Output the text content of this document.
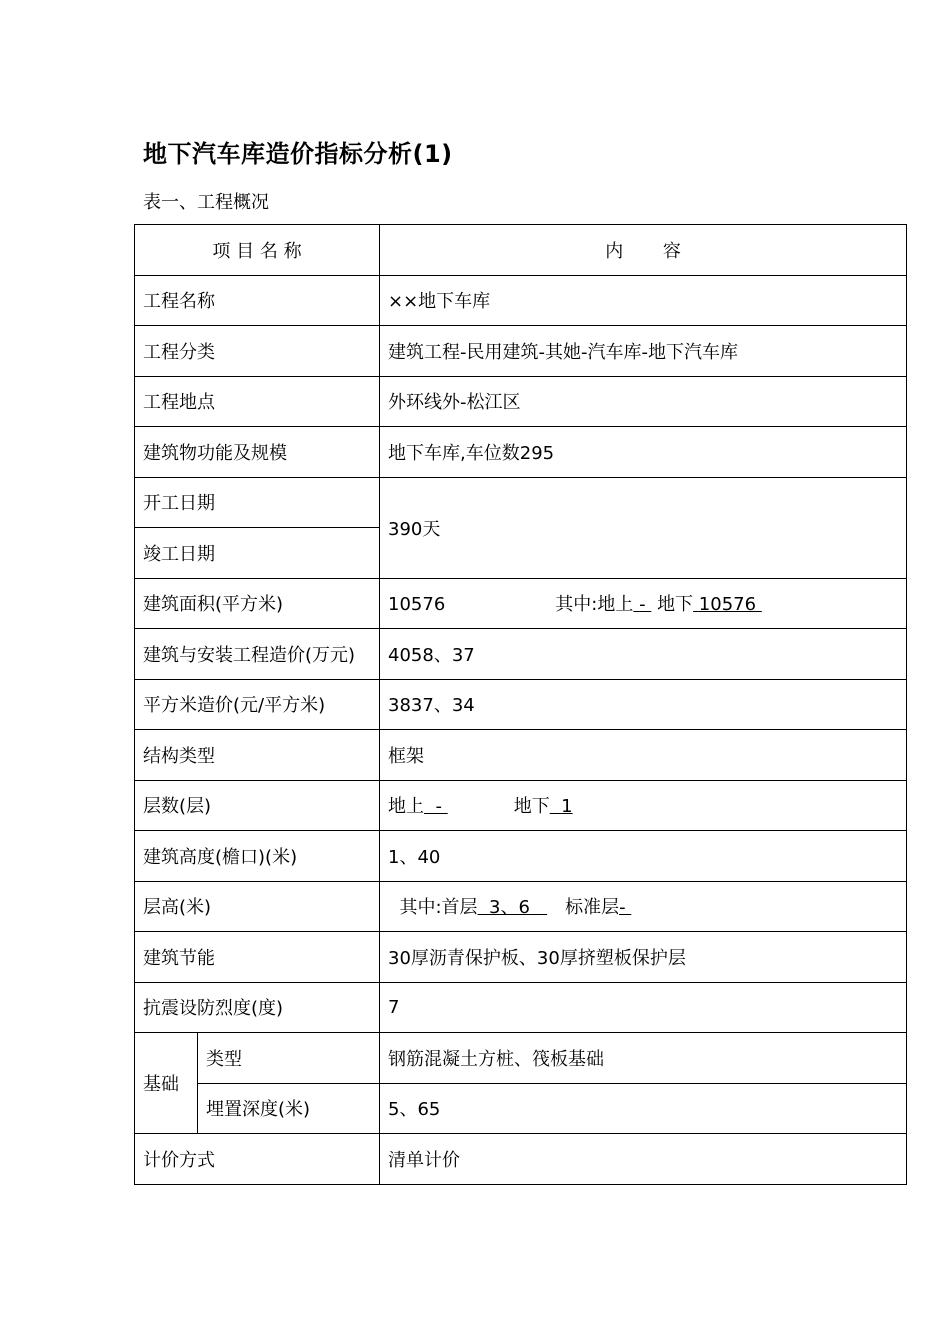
地下汽车库造价指标分析(1)
表一、工程概况
项 目 名 称		内 容
工程名称		××地下车库
工程分类		建筑工程-民用建筑-其她-汽车库-地下汽车库
工程地点		外环线外-松江区
建筑物功能及规模		地下车库,车位数295
开工日期		390天
竣工日期		
建筑面积(平方米)		10576 其中:地上 - 地下 10576
建筑与安装工程造价(万元)		4058、37
平方米造价(元/平方米)		3837、34
结构类型		框架
层数(层)		地上 - 地下 1
建筑高度(檐口)(米)		1、40
层高(米)		其中:首层 3、6 标准层-
建筑节能		30厚沥青保护板、30厚挤塑板保护层
抗震设防烈度(度)		7
基础	类型	钢筋混凝土方桩、筏板基础
	埋置深度(米)	5、65
计价方式		清单计价
